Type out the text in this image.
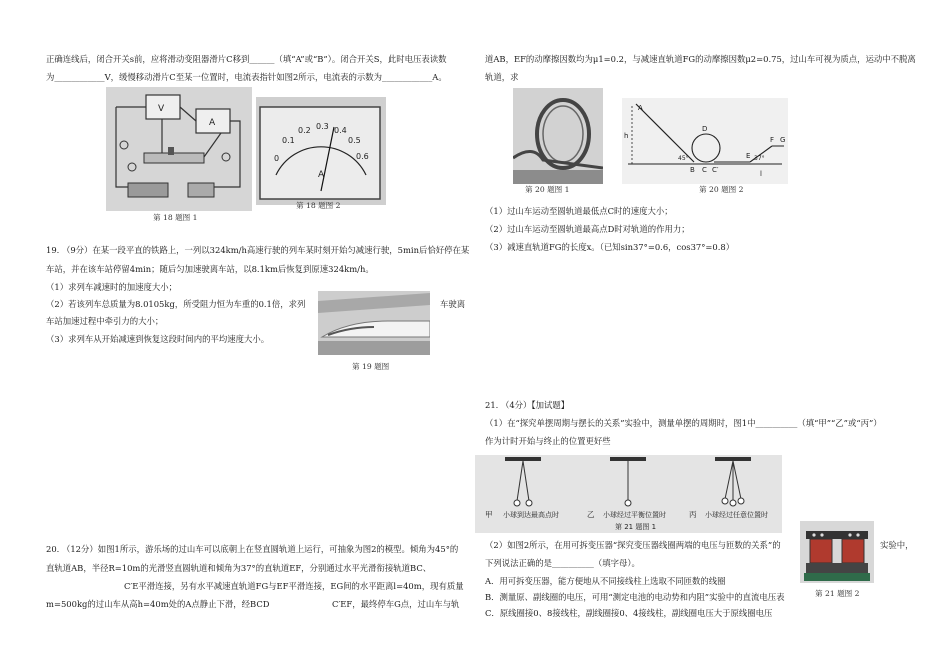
正确连线后，闭合开关s前，应将滑动变阻器滑片C移到______（填“A”或“B”）。闭合开关S，此时电压表读数
为____________V，缓慢移动滑片C至某一位置时，电流表指针如图2所示，电流表的示数为____________A。
V
A
第 18 题图 1
0
0.1
0.2 0.3 0.4
0.5
0.6
A
第 18 题图 2
19. （9分）在某一段平直的铁路上，一列以324km/h高速行驶的列车某时刻开始匀减速行驶，5min后恰好停在某
车站，并在该车站停留4min；随后匀加速驶离车站，以8.1km后恢复到原速324km/h。
（1）求列车减速时的加速度大小；
（2）若该列车总质量为8.0105kg，所受阻力恒为车重的0.1倍，求列	车驶离
车站加速过程中牵引力的大小；
（3）求列车从开始减速到恢复这段时间内的平均速度大小。
第 19 题图
20. （12分）如图1所示，游乐场的过山车可以底朝上在竖直圆轨道上运行，可抽象为图2的模型。倾角为45°的
直轨道AB，半径R=10m的光滑竖直圆轨道和倾角为37°的直轨道EF，分别通过水平光滑衔接轨道BC、
C′E平滑连接，另有水平减速直轨道FG与EF平滑连接，EG间的水平距离l=40m，现有质量
m=500kg的过山车从高h=40m处的A点静止下滑，经BCD	C′EF，最终停车G点，过山车与轨
道AB，EF的动摩擦因数均为μ1=0.2，与减速直轨道FG的动摩擦因数μ2=0.75，过山车可视为质点，运动中不脱离
轨道，求
第 20 题图 1
A
h
45°
B C C′
D
E
F G
37°
l
第 20 题图 2
（1）过山车运动至圆轨道最低点C时的速度大小；
（2）过山车运动至圆轨道最高点D时对轨道的作用力；
（3）减速直轨道FG的长度x。（已知sin37°=0.6，cos37°=0.8）
21. （4分）【加试题】
（1）在“探究单摆周期与摆长的关系”实验中，测量单摆的周期时，图1中__________（填“甲”“乙”或“丙”）
作为计时开始与终止的位置更好些
甲 小球到达最高点时	乙 小球经过平衡位置时	丙 小球经过任意位置时
第 21 题图 1
（2）如图2所示，在用可拆变压器“探究变压器线圈两端的电压与匝数的关系”的	实验中，
下列说法正确的是__________（填字母）。
A．用可拆变压器，能方便地从不同接线柱上选取不同匝数的线圈
B．测量原、副线圈的电压，可用“测定电池的电动势和内阻”实验中的直流电压表
C．原线圈接0、8接线柱，副线圈接0、4接线柱，副线圈电压大于原线圈电压
第 21 题图 2
